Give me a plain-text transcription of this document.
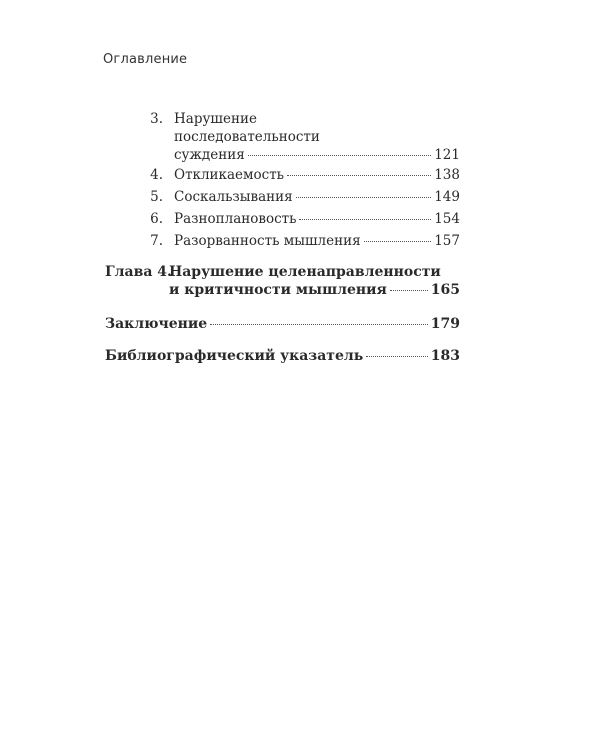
Оглавление
3. Нарушение
последовательности
суждения	121
4. Откликаемость	138
5. Соскальзывания	149
6. Разноплановость	154
7. Разорванность мышления	157
Глава 4.
Нарушение целенаправленности
и критичности мышления	165
Заключение	179
Библиографический указатель	183
